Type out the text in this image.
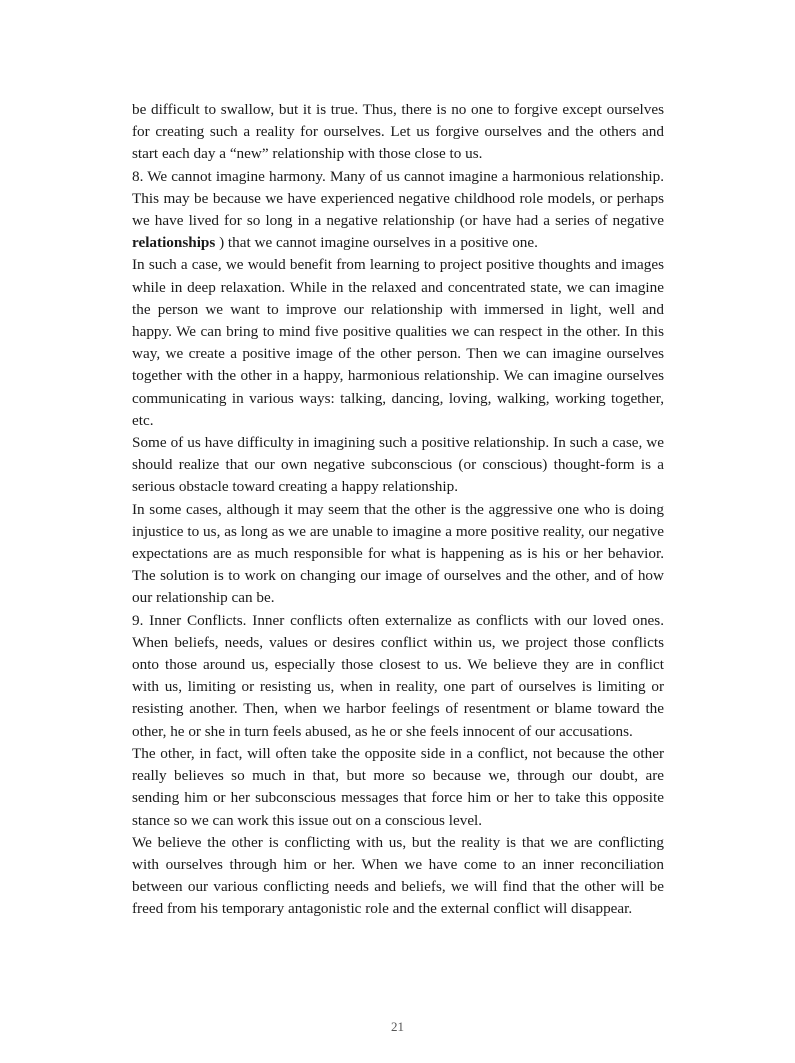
be difficult to swallow, but it is true. Thus, there is no one to forgive except ourselves for creating such a reality for ourselves. Let us forgive ourselves and the others and start each day a “new” relationship with those close to us.

8. We cannot imagine harmony. Many of us cannot imagine a harmonious relationship. This may be because we have experienced negative childhood role models, or perhaps we have lived for so long in a negative relationship (or have had a series of negative relationships ) that we cannot imagine ourselves in a positive one.

In such a case, we would benefit from learning to project positive thoughts and images while in deep relaxation. While in the relaxed and concentrated state, we can imagine the person we want to improve our relationship with immersed in light, well and happy. We can bring to mind five positive qualities we can respect in the other. In this way, we create a positive image of the other person. Then we can imagine ourselves together with the other in a happy, harmonious relationship. We can imagine ourselves communicating in various ways: talking, dancing, loving, walking, working together, etc.

Some of us have difficulty in imagining such a positive relationship. In such a case, we should realize that our own negative subconscious (or conscious) thought-form is a serious obstacle toward creating a happy relationship.

In some cases, although it may seem that the other is the aggressive one who is doing injustice to us, as long as we are unable to imagine a more positive reality, our negative expectations are as much responsible for what is happening as is his or her behavior. The solution is to work on changing our image of ourselves and the other, and of how our relationship can be.

9. Inner Conflicts. Inner conflicts often externalize as conflicts with our loved ones. When beliefs, needs, values or desires conflict within us, we project those conflicts onto those around us, especially those closest to us. We believe they are in conflict with us, limiting or resisting us, when in reality, one part of ourselves is limiting or resisting another. Then, when we harbor feelings of resentment or blame toward the other, he or she in turn feels abused, as he or she feels innocent of our accusations.

The other, in fact, will often take the opposite side in a conflict, not because the other really believes so much in that, but more so because we, through our doubt, are sending him or her subconscious messages that force him or her to take this opposite stance so we can work this issue out on a conscious level.

We believe the other is conflicting with us, but the reality is that we are conflicting with ourselves through him or her. When we have come to an inner reconciliation between our various conflicting needs and beliefs, we will find that the other will be freed from his temporary antagonistic role and the external conflict will disappear.

21
